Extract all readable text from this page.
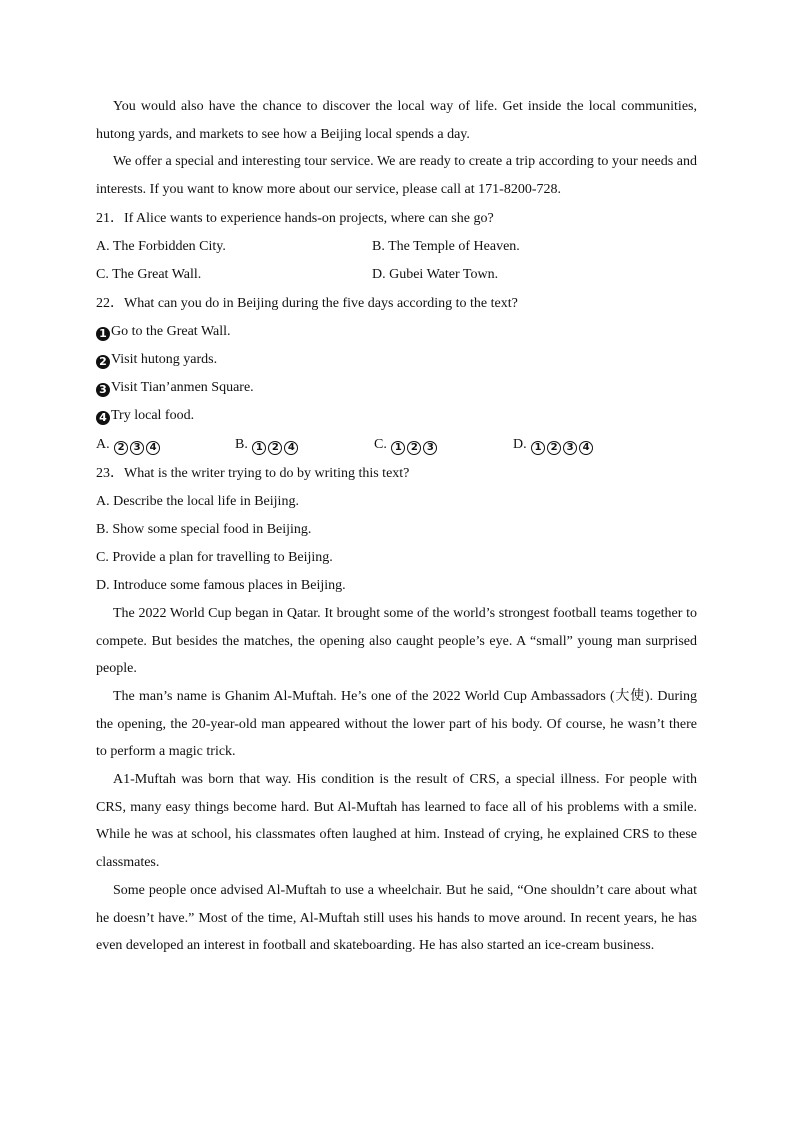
You would also have the chance to discover the local way of life. Get inside the local communities, hutong yards, and markets to see how a Beijing local spends a day.

We offer a special and interesting tour service. We are ready to create a trip according to your needs and interests. If you want to know more about our service, please call at 171-8200-728.

21．If Alice wants to experience hands-on projects, where can she go?

A. The Forbidden City.	B. The Temple of Heaven.
C. The Great Wall.	D. Gubei Water Town.

22．What can you do in Beijing during the five days according to the text?

1 Go to the Great Wall.

2 Visit hutong yards.

3 Visit Tian’anmen Square.

4 Try local food.

A. 2 3 4	B. 1 2 4	C. 1 2 3	D. 1 2 3 4

23．What is the writer trying to do by writing this text?

A. Describe the local life in Beijing.

B. Show some special food in Beijing.

C. Provide a plan for travelling to Beijing.

D. Introduce some famous places in Beijing.

The 2022 World Cup began in Qatar. It brought some of the world’s strongest football teams together to compete. But besides the matches, the opening also caught people’s eye. A “small” young man surprised people.

The man’s name is Ghanim Al-Muftah. He’s one of the 2022 World Cup Ambassadors (大使). During the opening, the 20-year-old man appeared without the lower part of his body. Of course, he wasn’t there to perform a magic trick.

A1-Muftah was born that way. His condition is the result of CRS, a special illness. For people with CRS, many easy things become hard. But Al-Muftah has learned to face all of his problems with a smile. While he was at school, his classmates often laughed at him. Instead of crying, he explained CRS to these classmates.

Some people once advised Al-Muftah to use a wheelchair. But he said, “One shouldn’t care about what he doesn’t have.” Most of the time, Al-Muftah still uses his hands to move around. In recent years, he has even developed an interest in football and skateboarding. He has also started an ice-cream business.
